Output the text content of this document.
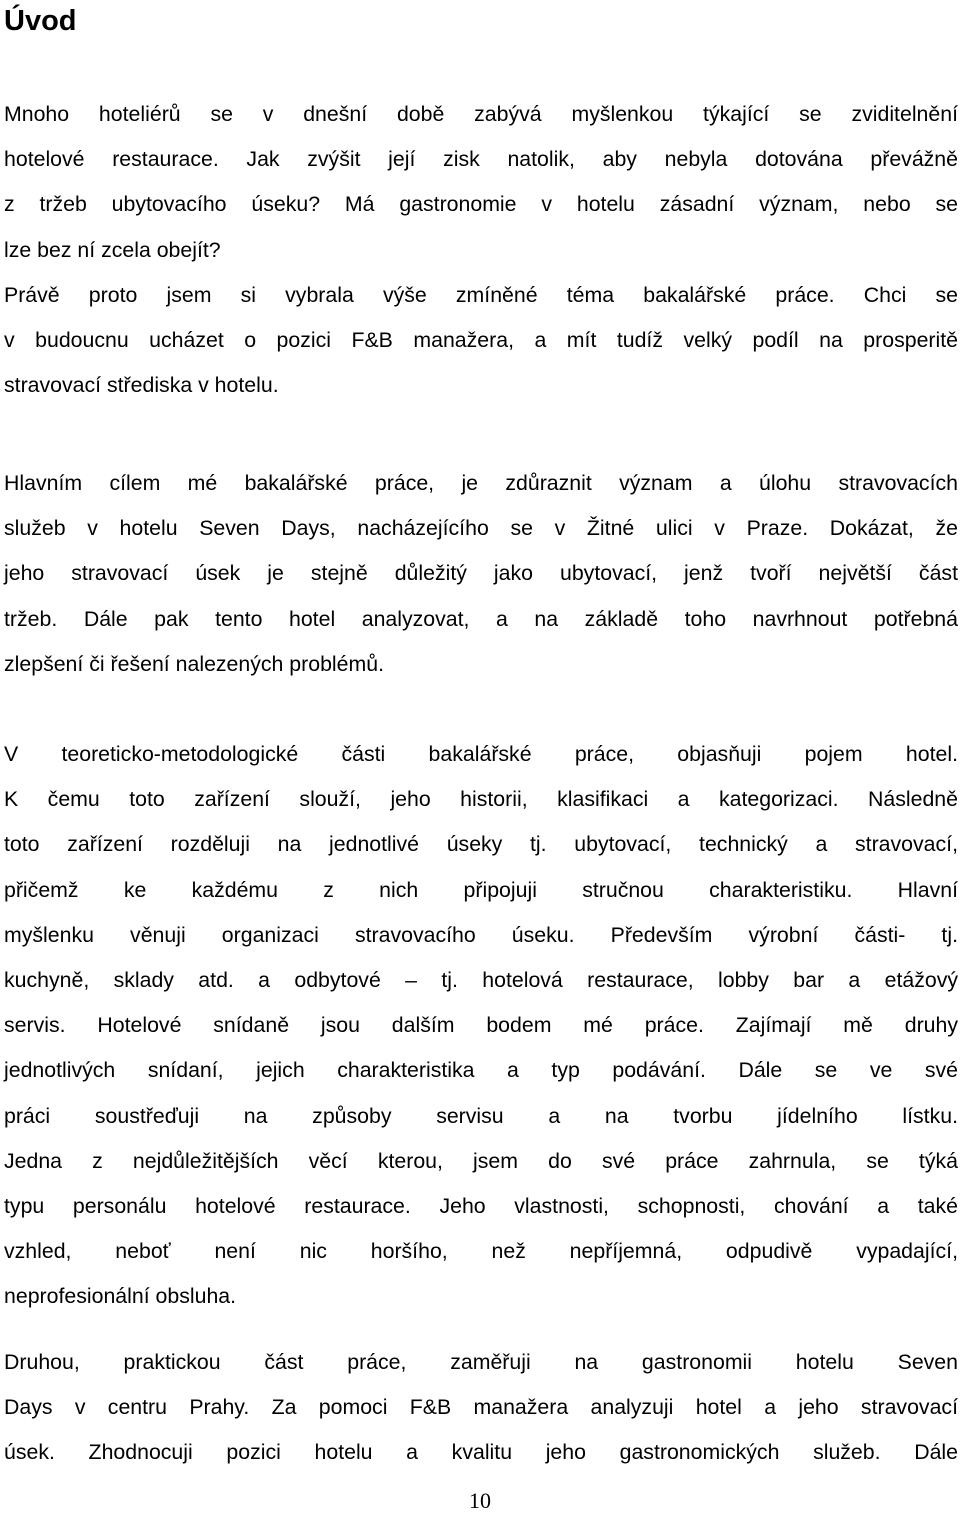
Úvod
Mnoho hoteliérů se v dnešní době zabývá myšlenkou týkající se zviditelnění
hotelové restaurace. Jak zvýšit její zisk natolik, aby nebyla dotována převážně
z tržeb ubytovacího úseku? Má gastronomie v hotelu zásadní význam, nebo se
lze bez ní zcela obejít?
Právě proto jsem si vybrala výše zmíněné téma bakalářské práce. Chci se
v budoucnu ucházet o pozici F&B manažera, a mít tudíž velký podíl na prosperitě
stravovací střediska v hotelu.
Hlavním cílem mé bakalářské práce, je zdůraznit význam a úlohu stravovacích
služeb v hotelu Seven Days, nacházejícího se v Žitné ulici v Praze. Dokázat, že
jeho stravovací úsek je stejně důležitý jako ubytovací, jenž tvoří největší část
tržeb. Dále pak tento hotel analyzovat, a na základě toho navrhnout potřebná
zlepšení či řešení nalezených problémů.
V teoreticko-metodologické části bakalářské práce, objasňuji pojem hotel.
K čemu toto zařízení slouží, jeho historii, klasifikaci a kategorizaci. Následně
toto zařízení rozděluji na jednotlivé úseky tj. ubytovací, technický a stravovací,
přičemž ke každému z nich připojuji stručnou charakteristiku. Hlavní
myšlenku věnuji organizaci stravovacího úseku. Především výrobní části- tj.
kuchyně, sklady atd. a odbytové – tj. hotelová restaurace, lobby bar a etážový
servis. Hotelové snídaně jsou dalším bodem mé práce. Zajímají mě druhy
jednotlivých snídaní, jejich charakteristika a typ podávání. Dále se ve své
práci soustřeďuji na způsoby servisu a na tvorbu jídelního lístku.
Jedna z nejdůležitějších věcí kterou, jsem do své práce zahrnula, se týká
typu personálu hotelové restaurace. Jeho vlastnosti, schopnosti, chování a také
vzhled, neboť není nic horšího, než nepříjemná, odpudivě vypadající,
neprofesionální obsluha.
Druhou, praktickou část práce, zaměřuji na gastronomii hotelu Seven
Days v centru Prahy. Za pomoci F&B manažera analyzuji hotel a jeho stravovací
úsek. Zhodnocuji pozici hotelu a kvalitu jeho gastronomických služeb. Dále
10
